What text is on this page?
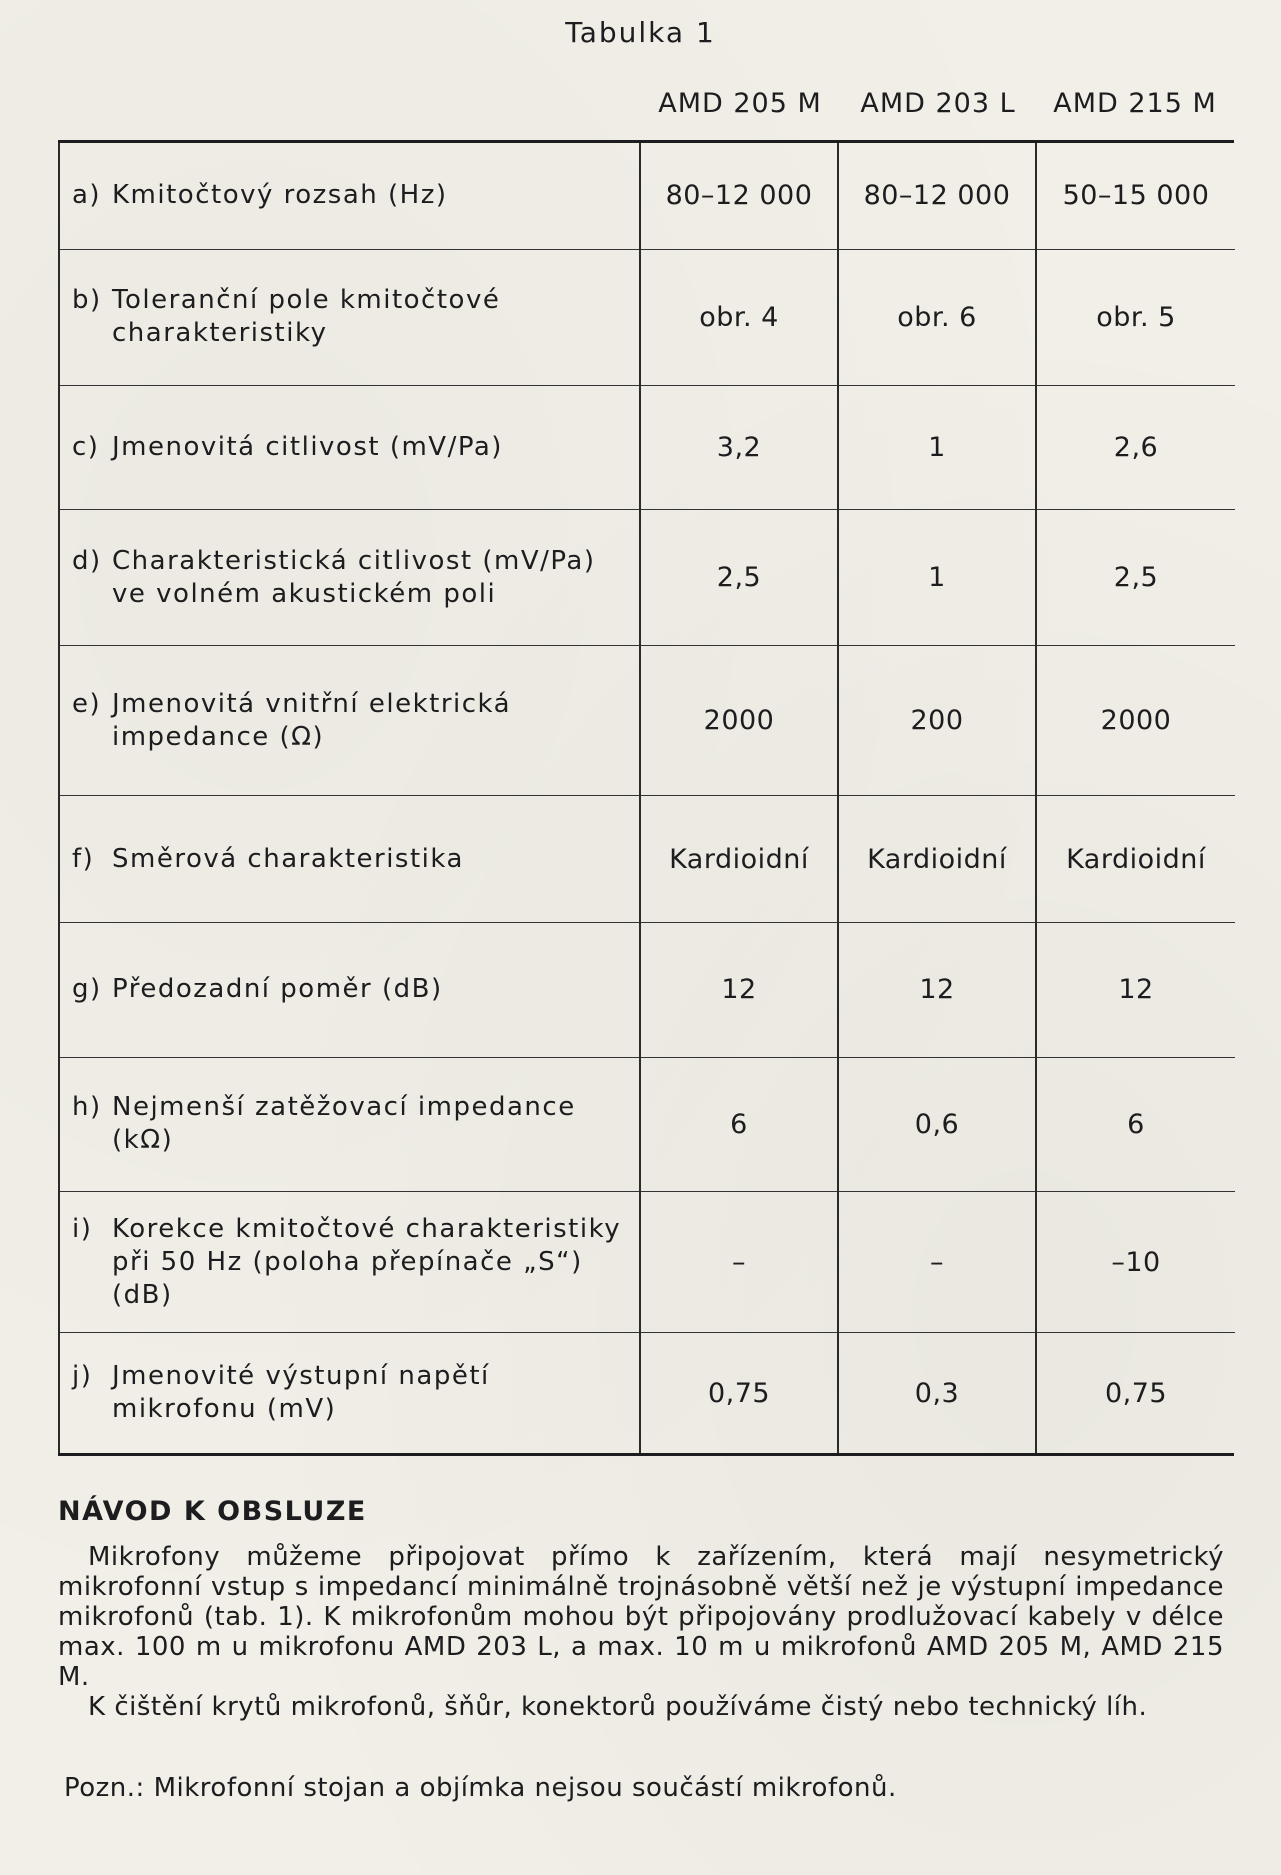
Tabulka 1
AMD 205 M	AMD 203 L	AMD 215 M
a) Kmitočtový rozsah (Hz)	80–12 000	80–12 000	50–15 000
b) Toleranční pole kmitočtové charakteristiky	obr. 4	obr. 6	obr. 5
c) Jmenovitá citlivost (mV/Pa)	3,2	1	2,6
d) Charakteristická citlivost (mV/Pa) ve volném akustickém poli	2,5	1	2,5
e) Jmenovitá vnitřní elektrická impedance (Ω)	2000	200	2000
f) Směrová charakteristika	Kardioidní	Kardioidní	Kardioidní
g) Předozadní poměr (dB)	12	12	12
h) Nejmenší zatěžovací impedance (kΩ)	6	0,6	6
i) Korekce kmitočtové charakteristiky při 50 Hz (poloha přepínače „S“) (dB)	–	–	–10
j) Jmenovité výstupní napětí mikrofonu (mV)	0,75	0,3	0,75
NÁVOD K OBSLUZE

Mikrofony můžeme připojovat přímo k zařízením, která mají nesymetrický mikrofonní vstup s impedancí minimálně trojnásobně větší než je výstupní impedance mikrofonů (tab. 1). K mikrofonům mohou být připojovány prodlužovací kabely v délce max. 100 m u mikrofonu AMD 203 L, a max. 10 m u mikrofonů AMD 205 M, AMD 215 M.

K čištění krytů mikrofonů, šňůr, konektorů používáme čistý nebo technický líh.

Pozn.: Mikrofonní stojan a objímka nejsou součástí mikrofonů.
